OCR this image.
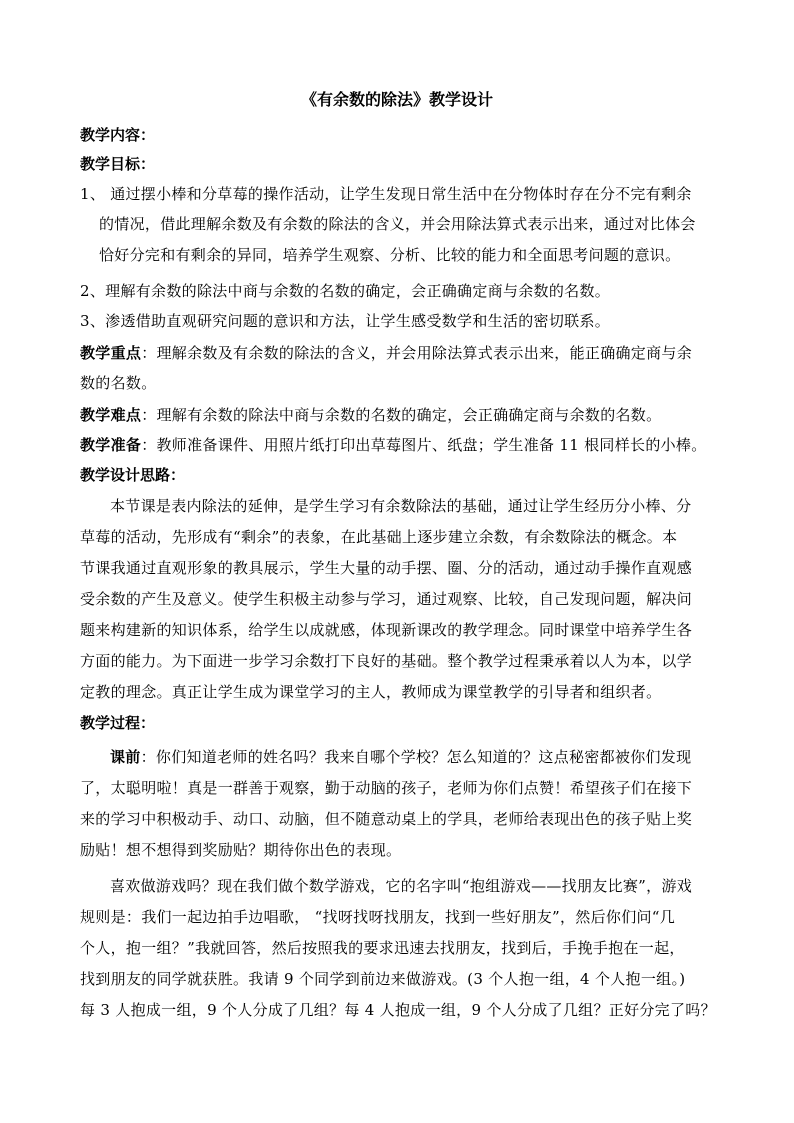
《有余数的除法》教学设计
教学内容：
教学目标：
1、 通过摆小棒和分草莓的操作活动，让学生发现日常生活中在分物体时存在分不完有剩余
的情况，借此理解余数及有余数的除法的含义，并会用除法算式表示出来，通过对比体会
恰好分完和有剩余的异同，培养学生观察、分析、比较的能力和全面思考问题的意识。
2、理解有余数的除法中商与余数的名数的确定，会正确确定商与余数的名数。
3、渗透借助直观研究问题的意识和方法，让学生感受数学和生活的密切联系。
教学重点：理解余数及有余数的除法的含义，并会用除法算式表示出来，能正确确定商与余
数的名数。
教学难点：理解有余数的除法中商与余数的名数的确定，会正确确定商与余数的名数。
教学准备：教师准备课件、用照片纸打印出草莓图片、纸盘；学生准备 11 根同样长的小棒。
教学设计思路：
本节课是表内除法的延伸，是学生学习有余数除法的基础，通过让学生经历分小棒、分
草莓的活动，先形成有“剩余”的表象，在此基础上逐步建立余数，有余数除法的概念。本
节课我通过直观形象的教具展示，学生大量的动手摆、圈、分的活动，通过动手操作直观感
受余数的产生及意义。使学生积极主动参与学习，通过观察、比较，自己发现问题，解决问
题来构建新的知识体系，给学生以成就感，体现新课改的教学理念。同时课堂中培养学生各
方面的能力。为下面进一步学习余数打下良好的基础。整个教学过程秉承着以人为本，以学
定教的理念。真正让学生成为课堂学习的主人，教师成为课堂教学的引导者和组织者。
教学过程：
课前：你们知道老师的姓名吗？我来自哪个学校？怎么知道的？这点秘密都被你们发现
了，太聪明啦！真是一群善于观察，勤于动脑的孩子，老师为你们点赞！希望孩子们在接下
来的学习中积极动手、动口、动脑，但不随意动桌上的学具，老师给表现出色的孩子贴上奖
励贴！想不想得到奖励贴？期待你出色的表现。
喜欢做游戏吗？现在我们做个数学游戏，它的名字叫“抱组游戏——找朋友比赛”，游戏
规则是：我们一起边拍手边唱歌， “找呀找呀找朋友，找到一些好朋友”，然后你们问“几
个人，抱一组？”我就回答，然后按照我的要求迅速去找朋友，找到后，手挽手抱在一起，
找到朋友的同学就获胜。我请 9 个同学到前边来做游戏。(3 个人抱一组，4 个人抱一组。)
每 3 人抱成一组，9 个人分成了几组？每 4 人抱成一组，9 个人分成了几组？正好分完了吗？
